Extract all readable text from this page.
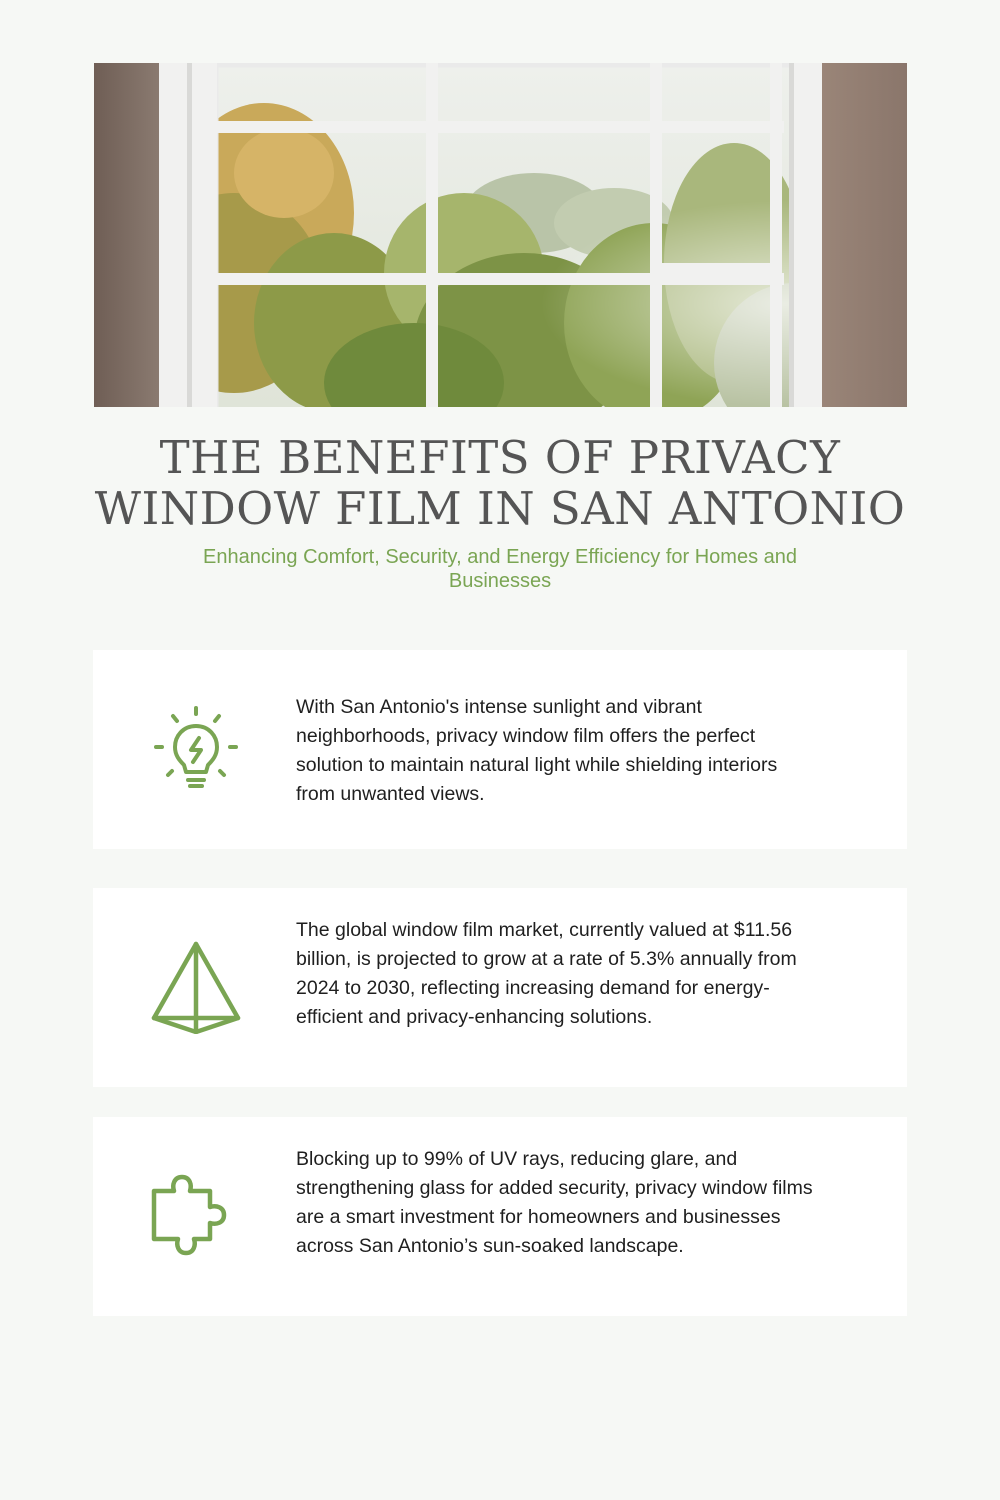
THE BENEFITS OF PRIVACY
WINDOW FILM IN SAN ANTONIO

Enhancing Comfort, Security, and Energy Efficiency for Homes and Businesses

With San Antonio's intense sunlight and vibrant neighborhoods, privacy window film offers the perfect solution to maintain natural light while shielding interiors from unwanted views.

The global window film market, currently valued at $11.56 billion, is projected to grow at a rate of 5.3% annually from 2024 to 2030, reflecting increasing demand for energy-efficient and privacy-enhancing solutions.

Blocking up to 99% of UV rays, reducing glare, and strengthening glass for added security, privacy window films are a smart investment for homeowners and businesses across San Antonio’s sun-soaked landscape.
